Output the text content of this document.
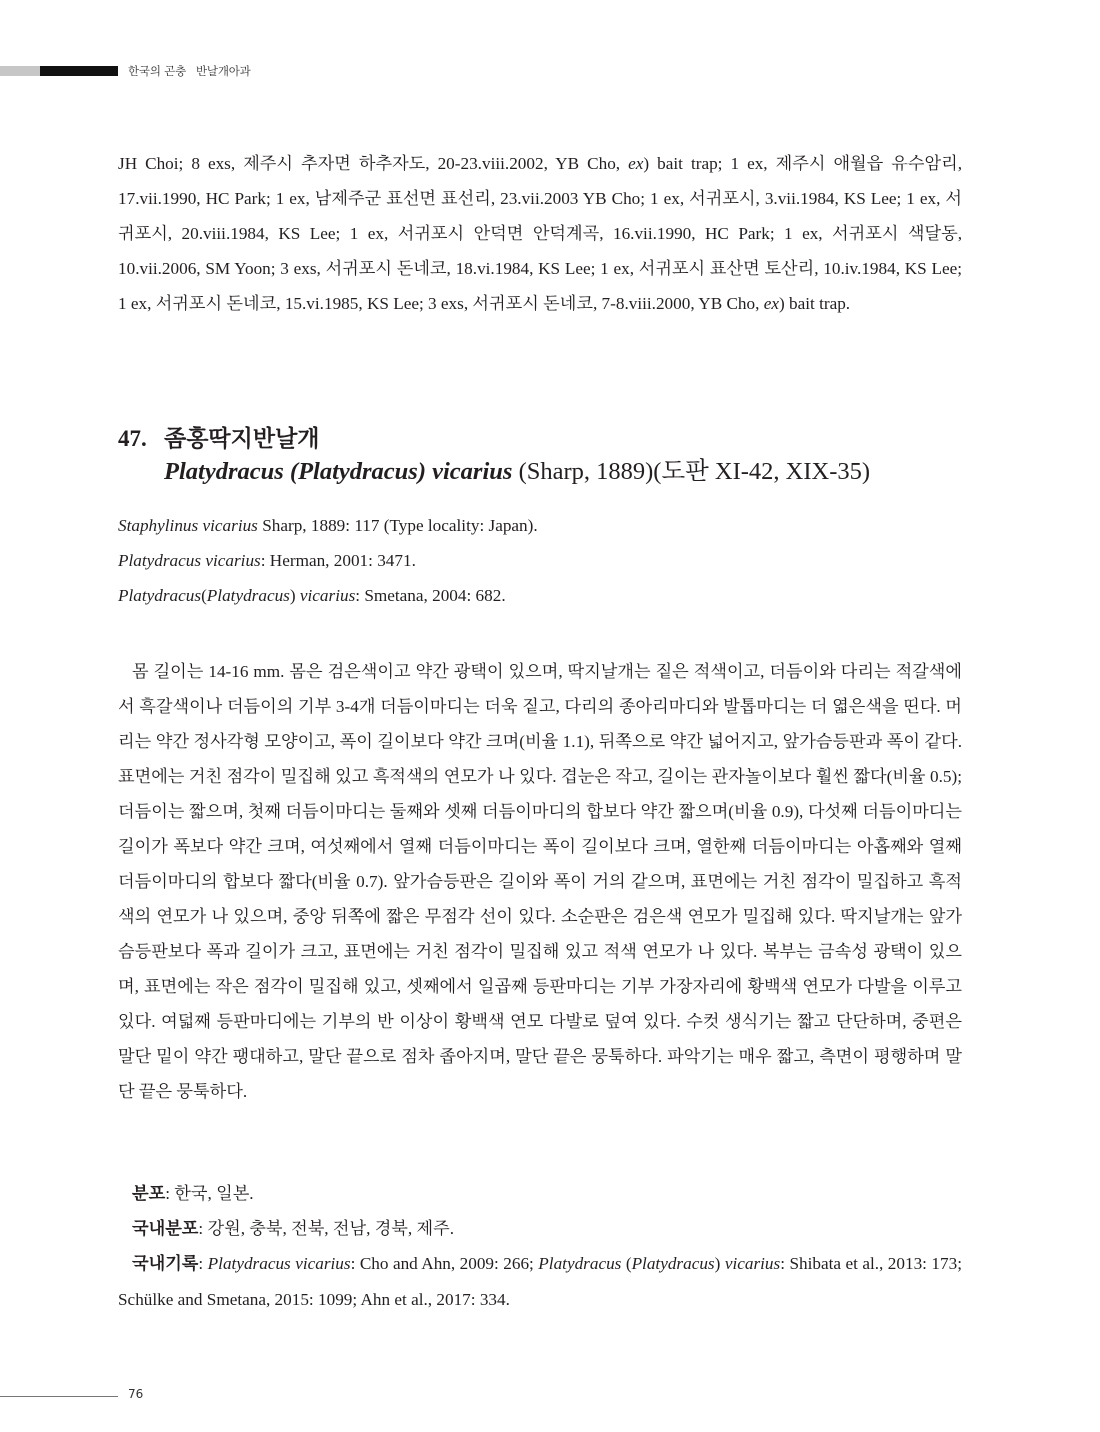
한국의 곤충 반날개아과

JH Choi; 8 exs, 제주시 추자면 하추자도, 20-23.viii.2002, YB Cho, ex) bait trap; 1 ex, 제주시 애월읍 유수암리, 17.vii.1990, HC Park; 1 ex, 남제주군 표선면 표선리, 23.vii.2003 YB Cho; 1 ex, 서귀포시, 3.vii.1984, KS Lee; 1 ex, 서귀포시, 20.viii.1984, KS Lee; 1 ex, 서귀포시 안덕면 안덕계곡, 16.vii.1990, HC Park; 1 ex, 서귀포시 색달동, 10.vii.2006, SM Yoon; 3 exs, 서귀포시 돈네코, 18.vi.1984, KS Lee; 1 ex, 서귀포시 표산면 토산리, 10.iv.1984, KS Lee; 1 ex, 서귀포시 돈네코, 15.vi.1985, KS Lee; 3 exs, 서귀포시 돈네코, 7-8.viii.2000, YB Cho, ex) bait trap.

47. 좀홍딱지반날개
Platydracus (Platydracus) vicarius (Sharp, 1889)(도판 XI-42, XIX-35)
Staphylinus vicarius Sharp, 1889: 117 (Type locality: Japan).
Platydracus vicarius: Herman, 2001: 3471.
Platydracus(Platydracus) vicarius: Smetana, 2004: 682.

몸 길이는 14-16 mm. 몸은 검은색이고 약간 광택이 있으며, 딱지날개는 짙은 적색이고, 더듬이와 다리는 적갈색에서 흑갈색이나 더듬이의 기부 3-4개 더듬이마디는 더욱 짙고, 다리의 종아리마디와 발톱마디는 더 엷은색을 띤다. 머리는 약간 정사각형 모양이고, 폭이 길이보다 약간 크며(비율 1.1), 뒤쪽으로 약간 넓어지고, 앞가슴등판과 폭이 같다. 표면에는 거친 점각이 밀집해 있고 흑적색의 연모가 나 있다. 겹눈은 작고, 길이는 관자놀이보다 훨씬 짧다(비율 0.5); 더듬이는 짧으며, 첫째 더듬이마디는 둘째와 셋째 더듬이마디의 합보다 약간 짧으며(비율 0.9), 다섯째 더듬이마디는 길이가 폭보다 약간 크며, 여섯째에서 열째 더듬이마디는 폭이 길이보다 크며, 열한째 더듬이마디는 아홉째와 열째 더듬이마디의 합보다 짧다(비율 0.7). 앞가슴등판은 길이와 폭이 거의 같으며, 표면에는 거친 점각이 밀집하고 흑적색의 연모가 나 있으며, 중앙 뒤쪽에 짧은 무점각 선이 있다. 소순판은 검은색 연모가 밀집해 있다. 딱지날개는 앞가슴등판보다 폭과 길이가 크고, 표면에는 거친 점각이 밀집해 있고 적색 연모가 나 있다. 복부는 금속성 광택이 있으며, 표면에는 작은 점각이 밀집해 있고, 셋째에서 일곱째 등판마디는 기부 가장자리에 황백색 연모가 다발을 이루고 있다. 여덟째 등판마디에는 기부의 반 이상이 황백색 연모 다발로 덮여 있다. 수컷 생식기는 짧고 단단하며, 중편은 말단 밑이 약간 팽대하고, 말단 끝으로 점차 좁아지며, 말단 끝은 뭉툭하다. 파악기는 매우 짧고, 측면이 평행하며 말단 끝은 뭉툭하다.

분포: 한국, 일본.
국내분포: 강원, 충북, 전북, 전남, 경북, 제주.
국내기록: Platydracus vicarius: Cho and Ahn, 2009: 266; Platydracus (Platydracus) vicarius: Shibata et al., 2013: 173; Schülke and Smetana, 2015: 1099; Ahn et al., 2017: 334.
76
